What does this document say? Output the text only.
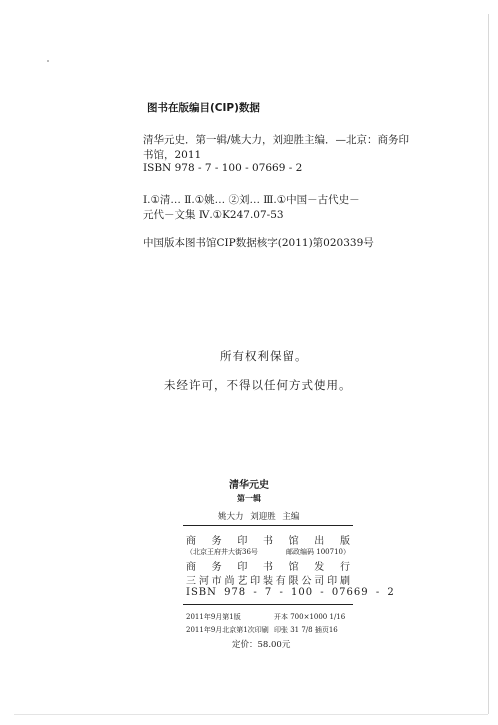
图书在版编目(CIP)数据
清华元史．第一辑/姚大力，刘迎胜主编．—北京：商务印
书馆，2011
ISBN 978 - 7 - 100 - 07669 - 2
Ⅰ.①清… Ⅱ.①姚… ②刘… Ⅲ.①中国－古代史－
元代－文集 Ⅳ.①K247.07-53
中国版本图书馆CIP数据核字(2011)第020339号
所有权利保留。
未经许可，不得以任何方式使用。
清华元史
第一辑
姚大力 刘迎胜 主编
商 务 印 书 馆 出 版
（北京王府井大街36号	邮政编码 100710）
商 务 印 书 馆 发 行
三 河 市 尚 艺 印 装 有 限 公 司 印 刷
ISBN 978 - 7 - 100 - 07669 - 2
2011年9月第1版	开本 700×1000 1/16
2011年9月北京第1次印刷 印张 31 7/8 插页16
定价：58.00元
